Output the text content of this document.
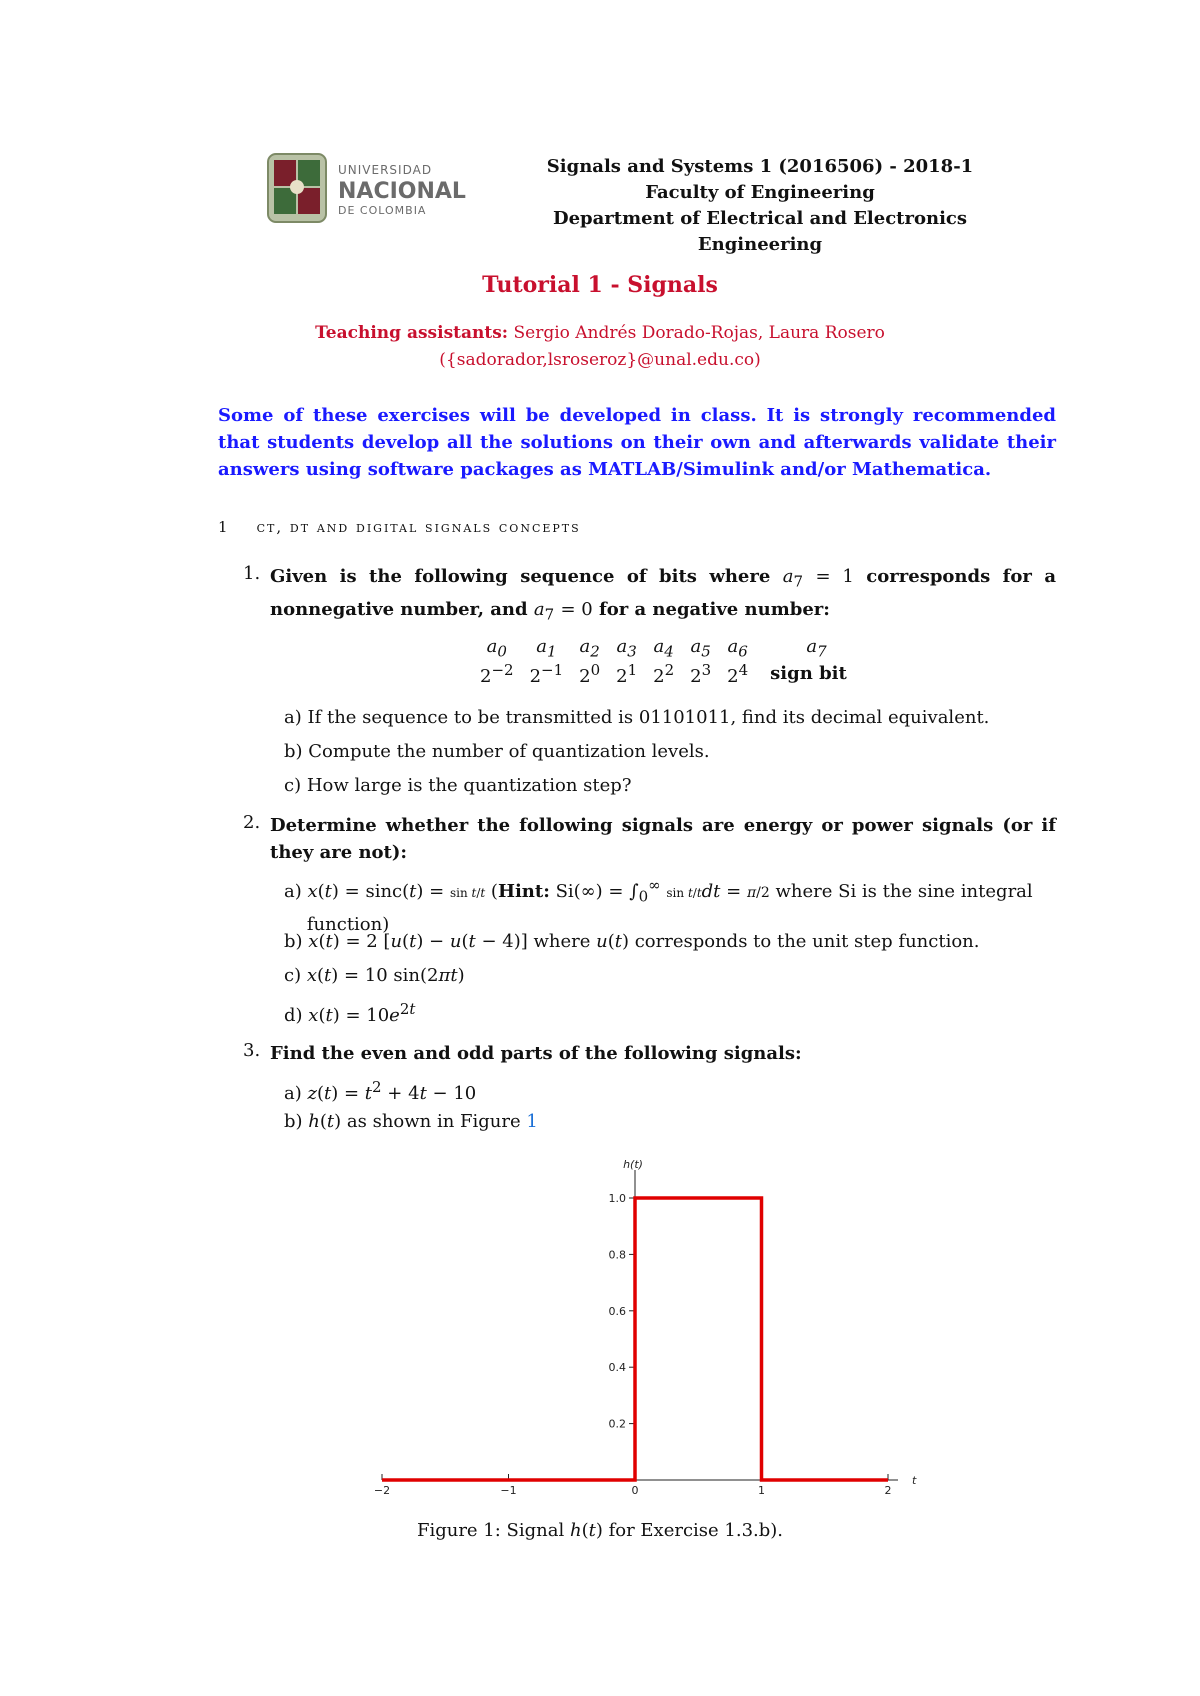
UNIVERSIDAD
NACIONAL
DE COLOMBIA
Signals and Systems 1 (2016506) - 2018-1
Faculty of Engineering
Department of Electrical and Electronics Engineering
Tutorial 1 - Signals
Teaching assistants: Sergio Andrés Dorado-Rojas, Laura Rosero
({sadorador,lsroseroz}@unal.edu.co)
Some of these exercises will be developed in class. It is strongly recommended that students develop all the solutions on their own and afterwards validate their answers using software packages as MATLAB/Simulink and/or Mathematica.
1 ct, dt and digital signals concepts
1. Given is the following sequence of bits where $a_7 = 1$ corresponds for a nonnegative number, and $a_7 = 0$ for a negative number:
$a_0$	$a_1$	$a_2$	$a_3$	$a_4$	$a_5$	$a_6$	$a_7$
$2^{-2}$	$2^{-1}$	$2^0$	$2^1$	$2^2$	$2^3$	$2^4$	sign bit
a) If the sequence to be transmitted is 01101011, find its decimal equivalent.
b) Compute the number of quantization levels.
c) How large is the quantization step?
2. Determine whether the following signals are energy or power signals (or if they are not):
a) x(t) = sinc(t) = sin t/t (Hint: $Si(\infty) = \int_0^\infty$ sin t/tdt = π/2 where Si is the sine integral
function)
b) x(t) = 2 [u(t) − u(t − 4)] where u(t) corresponds to the unit step function.
c) x(t) = 10 sin(2πt)
d) $x(t) = 10e^{2t}$
3. Find the even and odd parts of the following signals:
a) $z(t) = t^2 + 4t - 10$
b) h(t) as shown in Figure 1
−2	−1	0	1	2
0.2
0.4
0.6
0.8
1.0
h(t)
t
Figure 1: Signal h(t) for Exercise 1.3.b).
